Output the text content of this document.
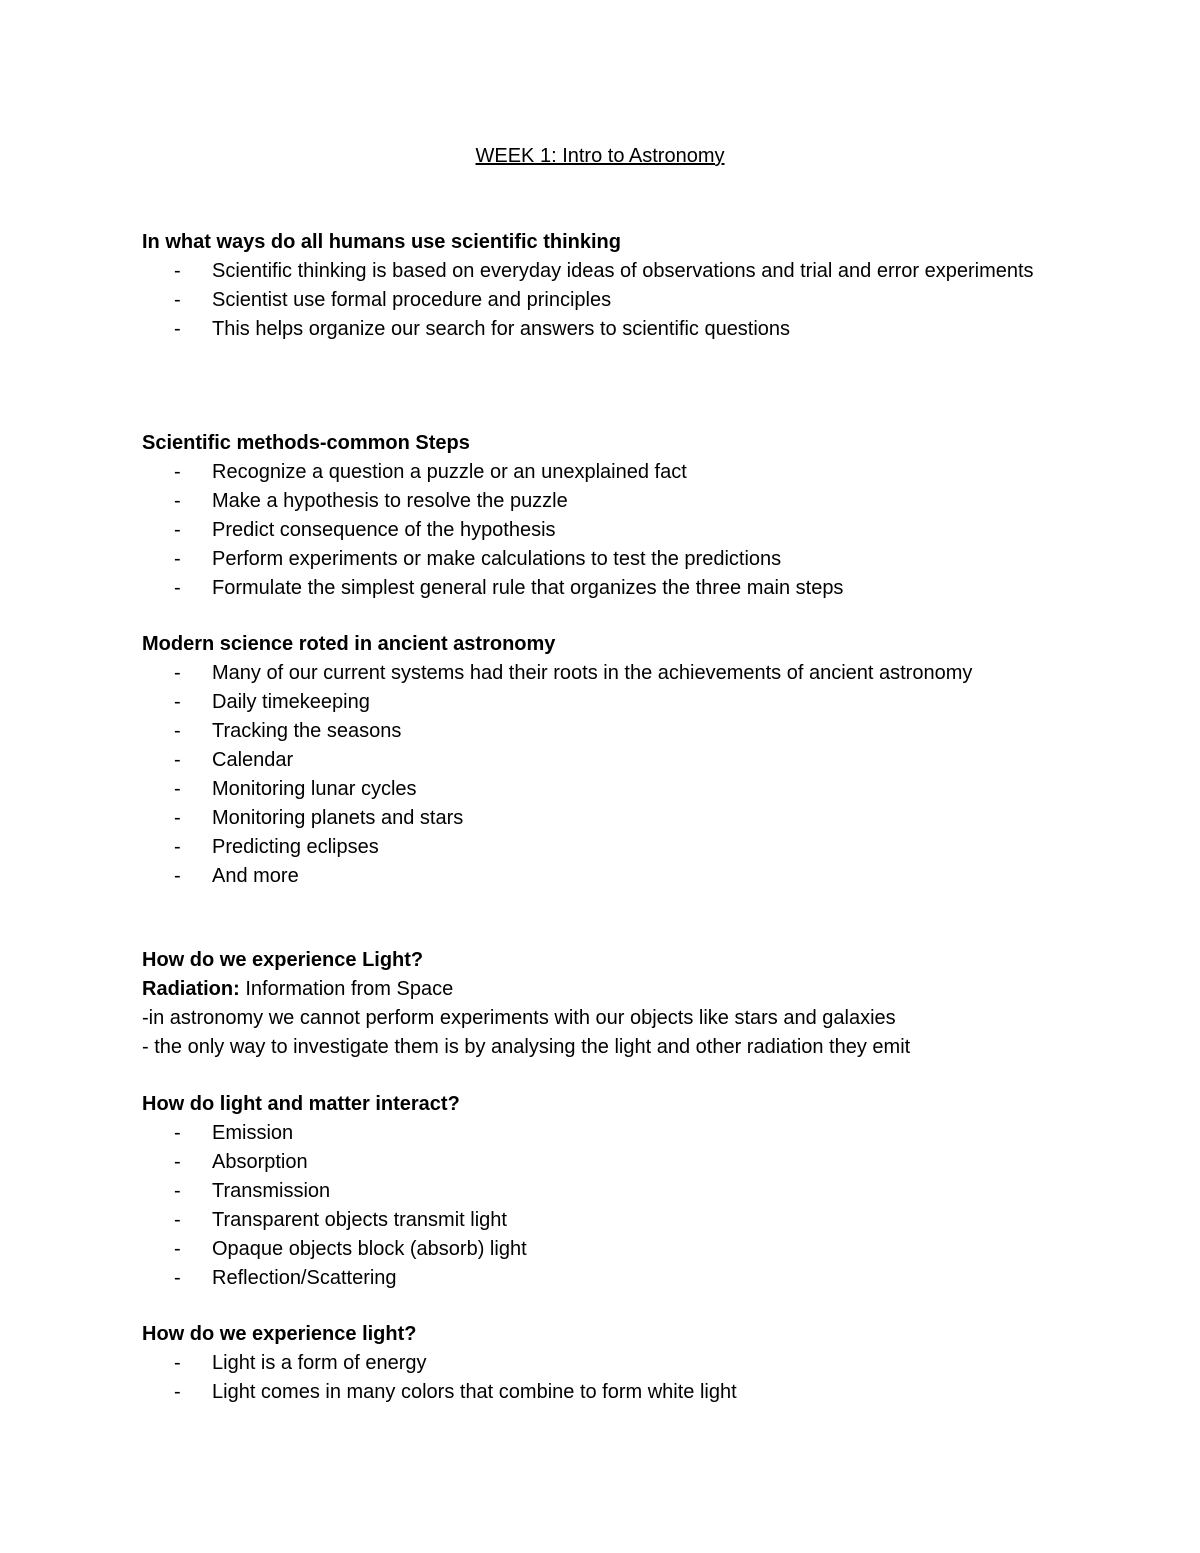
WEEK 1: Intro to Astronomy
In what ways do all humans use scientific thinking
- Scientific thinking is based on everyday ideas of observations and trial and error experiments
- Scientist use formal procedure and principles
- This helps organize our search for answers to scientific questions
Scientific methods-common Steps
- Recognize a question a puzzle or an unexplained fact
- Make a hypothesis to resolve the puzzle
- Predict consequence of the hypothesis
- Perform experiments or make calculations to test the predictions
- Formulate the simplest general rule that organizes the three main steps
Modern science roted in ancient astronomy
- Many of our current systems had their roots in the achievements of ancient astronomy
- Daily timekeeping
- Tracking the seasons
- Calendar
- Monitoring lunar cycles
- Monitoring planets and stars
- Predicting eclipses
- And more
How do we experience Light?
Radiation: Information from Space
-in astronomy we cannot perform experiments with our objects like stars and galaxies
- the only way to investigate them is by analysing the light and other radiation they emit
How do light and matter interact?
- Emission
- Absorption
- Transmission
- Transparent objects transmit light
- Opaque objects block (absorb) light
- Reflection/Scattering
How do we experience light?
- Light is a form of energy
- Light comes in many colors that combine to form white light
